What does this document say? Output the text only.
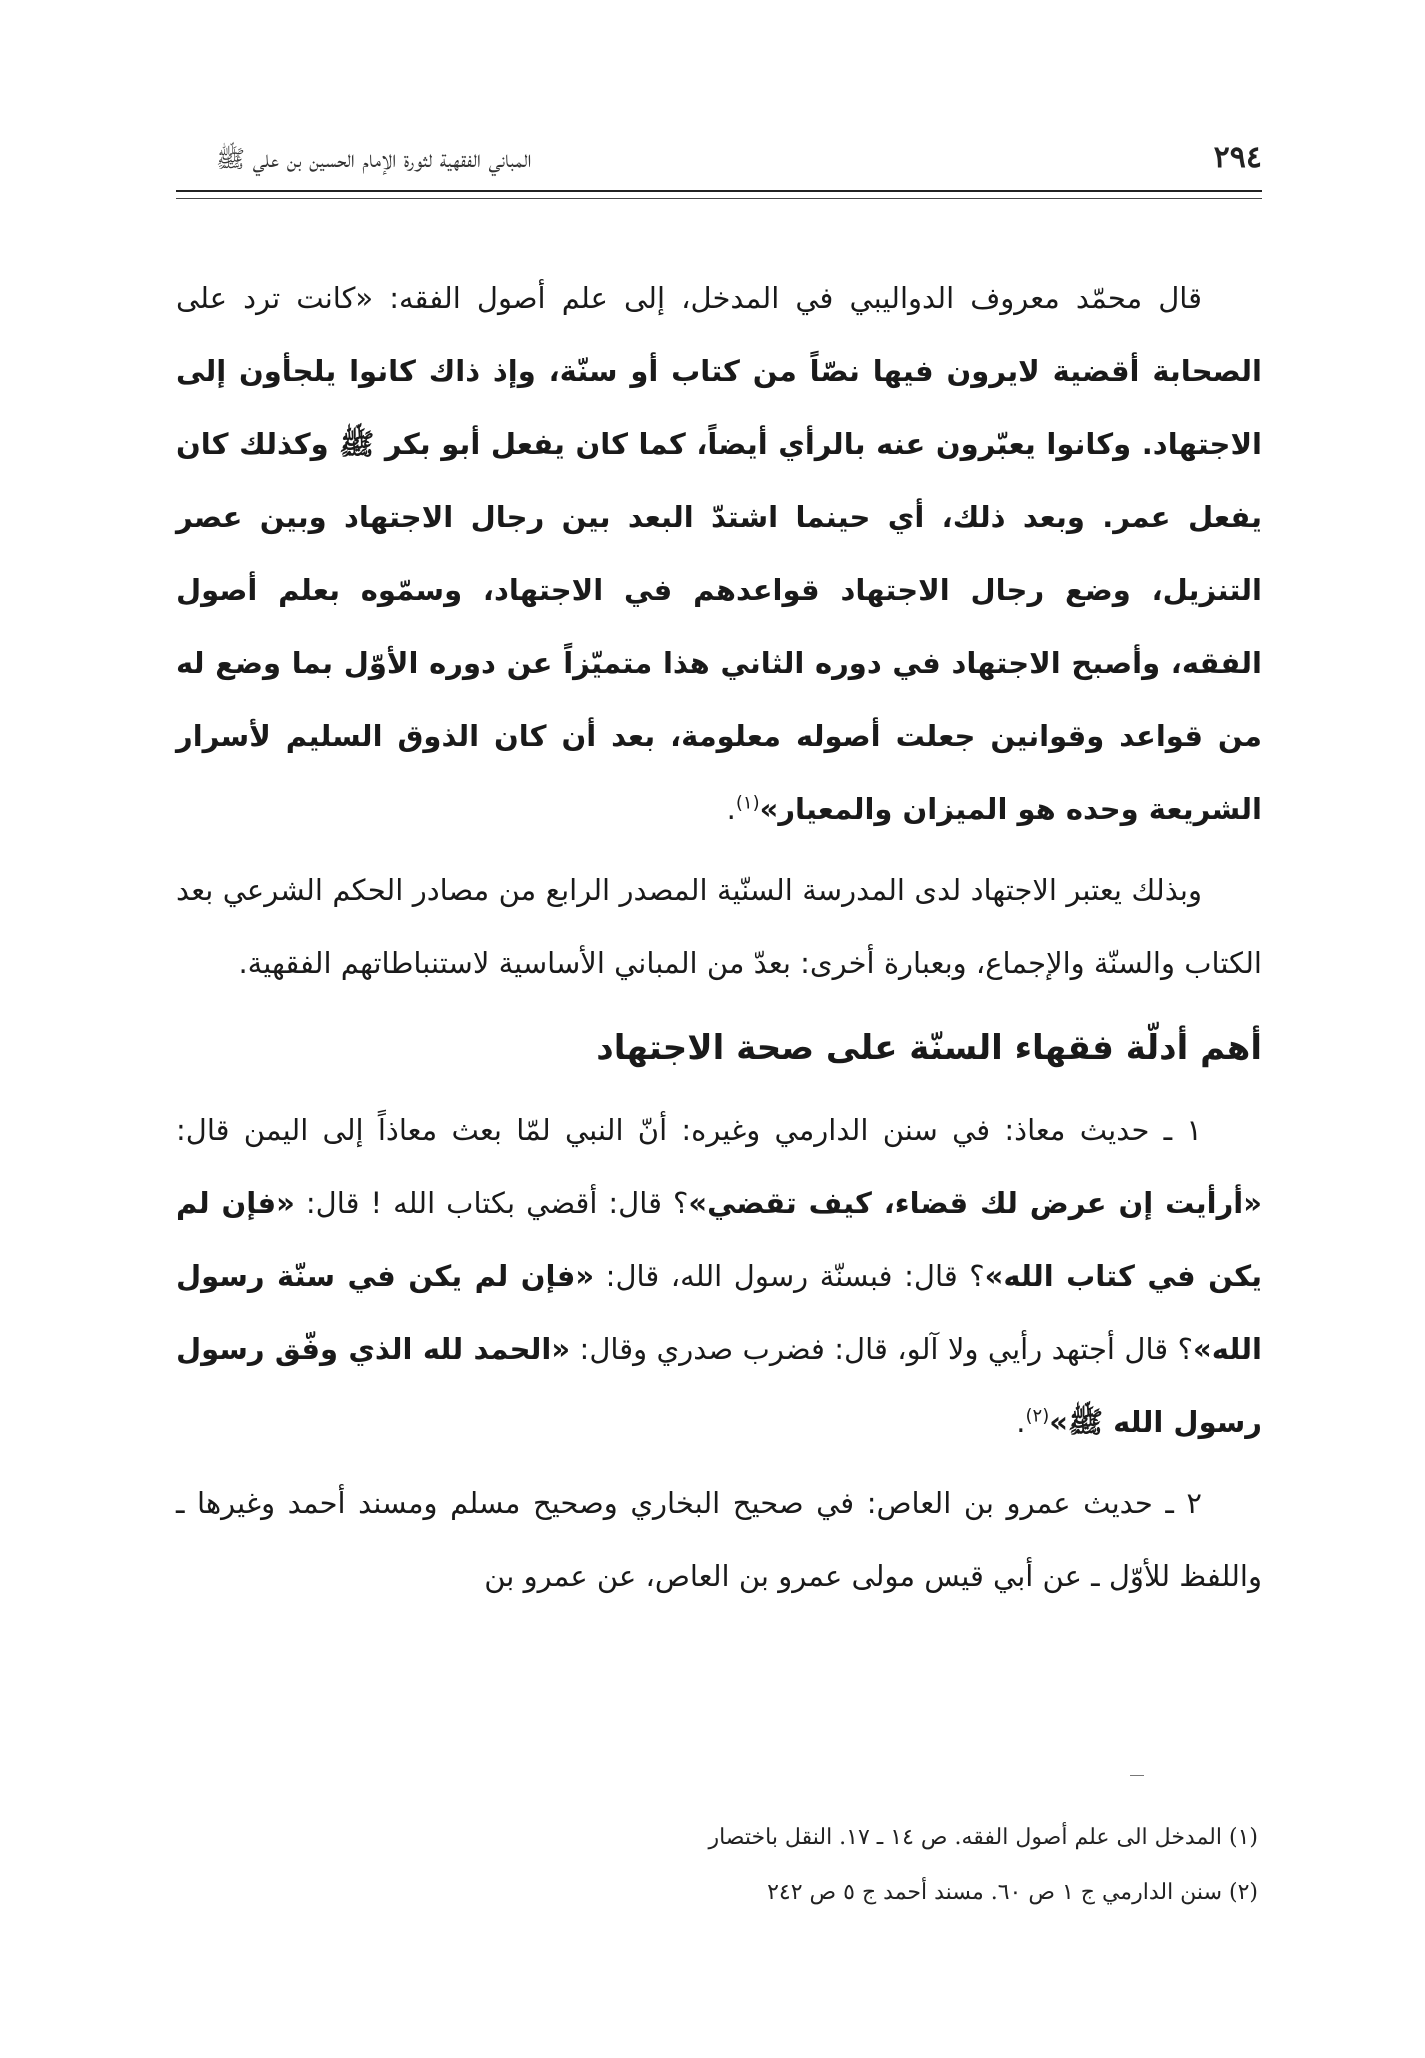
٢٩٤
المباني الفقهية لثورة الإمام الحسين بن علي ﷺ

قال محمّد معروف الدواليبي في المدخل، إلى علم أصول الفقه: «كانت ترد على الصحابة أقضية لايرون فيها نصّاً من كتاب أو سنّة، وإذ ذاك كانوا يلجأون إلى الاجتهاد. وكانوا يعبّرون عنه بالرأي أيضاً، كما كان يفعل أبو بكر ﷺ وكذلك كان يفعل عمر. وبعد ذلك، أي حينما اشتدّ البعد بين رجال الاجتهاد وبين عصر التنزيل، وضع رجال الاجتهاد قواعدهم في الاجتهاد، وسمّوه بعلم أصول الفقه، وأصبح الاجتهاد في دوره الثاني هذا متميّزاً عن دوره الأوّل بما وضع له من قواعد وقوانين جعلت أصوله معلومة، بعد أن كان الذوق السليم لأسرار الشريعة وحده هو الميزان والمعيار»$^{(١)}$.

وبذلك يعتبر الاجتهاد لدى المدرسة السنّية المصدر الرابع من مصادر الحكم الشرعي بعد الكتاب والسنّة والإجماع، وبعبارة أخرى: بعدّ من المباني الأساسية لاستنباطاتهم الفقهية.

أهم أدلّة فقهاء السنّة على صحة الاجتهاد

١ ـ حديث معاذ: في سنن الدارمي وغيره: أنّ النبي لمّا بعث معاذاً إلى اليمن قال: «أرأيت إن عرض لك قضاء، كيف تقضي»؟ قال: أقضي بكتاب الله ! قال: «فإن لم يكن في كتاب الله»؟ قال: فبسنّة رسول الله، قال: «فإن لم يكن في سنّة رسول الله»؟ قال أجتهد رأيي ولا آلو، قال: فضرب صدري وقال: «الحمد لله الذي وفّق رسول رسول الله ﷺ»$^{(٢)}$.

٢ ـ حديث عمرو بن العاص: في صحيح البخاري وصحيح مسلم ومسند أحمد وغيرها ـ واللفظ للأوّل ـ عن أبي قيس مولى عمرو بن العاص، عن عمرو بن

(١) المدخل الى علم أصول الفقه. ص ١٤ ـ ١٧. النقل باختصار
(٢) سنن الدارمي ج ١ ص ٦٠. مسند أحمد ج ٥ ص ٢٤٢
